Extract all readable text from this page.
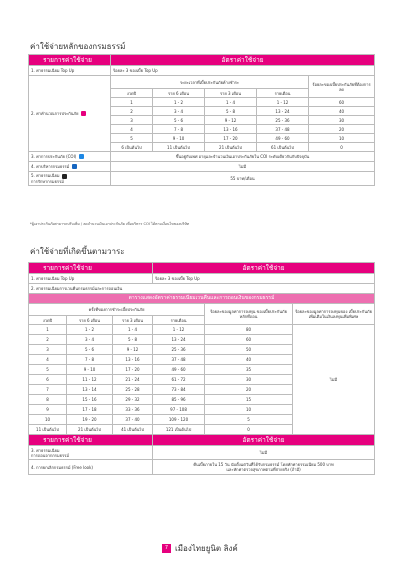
ค่าใช้จ่ายหลักของกรมธรรม์
รายการค่าใช้จ่าย	อัตราค่าใช้จ่าย				
1. ค่าธรรมเนียม Top Up	ร้อยละ 3 ของเบี้ย Top Up				
2. ค่าคำนวณการประกันภัย	ระยะเวลาที่เบี้ยประกันภัยค้างชำระ				ร้อยละของเบี้ยประกันภัยที่ต้องการลด
	งวดปี	ราย 6 เดือน	ราย 3 เดือน	รายเดือน	
	1	1 - 2	1 - 4	1 - 12	60
	2	3 - 4	5 - 8	13 - 24	40
	3	5 - 6	9 - 12	25 - 36	30
	4	7 - 8	13 - 16	37 - 48	20
	5	9 - 10	17 - 20	49 - 60	10
	6 เป็นต้นไป	11 เป็นต้นไป	21 เป็นต้นไป	61 เป็นต้นไป	0
3. ค่าการประกันภัย (COI)	ขึ้นอยู่กับเพศ อายุและจำนวนเงินเอาประกันภัยใน COI ระดับเดียวกันกับปัจจุบัน				
4. ค่าบริหารกรมธรรม์	ไม่มี				
5. ค่าธรรมเนียม
การรักษากรมธรรม์	55 บาท/เดือน				
*ผู้เอาประกันภัยสามารถปรับเพิ่ม / ลดจำนวนเงินเอาประกันภัย เพื่อบริหาร COI ได้ตามเงื่อนไขของบริษัท
ค่าใช้จ่ายที่เกิดขึ้นตามวาระ
รายการค่าใช้จ่าย			อัตราค่าใช้จ่าย		
1. ค่าธรรมเนียม Top Up			ร้อยละ 3 ของเบี้ย Top Up		
2. ค่าธรรมเนียมการเวนคืนกรมธรรม์และการถอนเงิน					
ตารางแสดงอัตราค่าธรรมเนียมเวนคืนและการถอนเงินของกรมธรรม์					
ครั้งที่ของการชำระเบี้ยประกันภัย				ร้อยละของมูลค่าการลงทุน ของเบี้ยประกันภัยหลักที่ถอน	ร้อยละของมูลค่าการลงทุนของ เบี้ยประกันภัยเพิ่มเติมในเงินลงทุนเพิ่มพิเศษ
งวดปี	ราย 6 เดือน	ราย 3 เดือน	รายเดือน		
1	1 - 2	1 - 4	1 - 12	80	ไม่มี
2	3 - 4	5 - 8	13 - 24	60	
3	5 - 6	9 - 12	25 - 36	50	
4	7 - 8	13 - 16	37 - 48	40	
5	9 - 10	17 - 20	49 - 60	35	
6	11 - 12	21 - 24	61 - 72	30	
7	13 - 14	25 - 28	73 - 84	20	
8	15 - 16	29 - 32	85 - 96	15	
9	17 - 18	33 - 36	97 - 108	10	
10	19 - 20	37 - 40	109 - 120	5	
11 เป็นต้นไป	21 เป็นต้นไป	41 เป็นต้นไป	121 เป็นต้นไป	0	
รายการค่าใช้จ่าย			อัตราค่าใช้จ่าย		
3. ค่าธรรมเนียม
การถอนจากกรมธรรม์			ไม่มี		
4. การยกเลิกกรมธรรม์ (Free look)			คืนเบี้ยภายใน 15 วัน นับตั้งแต่วันที่ได้รับกรมธรรม์ โดยหักค่าธรรมเนียม 500 บาท
และหักค่าตรวจสุขภาพตามที่จ่ายจริง (ถ้ามี)		
7 เมืองไทยยูนิต ลิงค์
